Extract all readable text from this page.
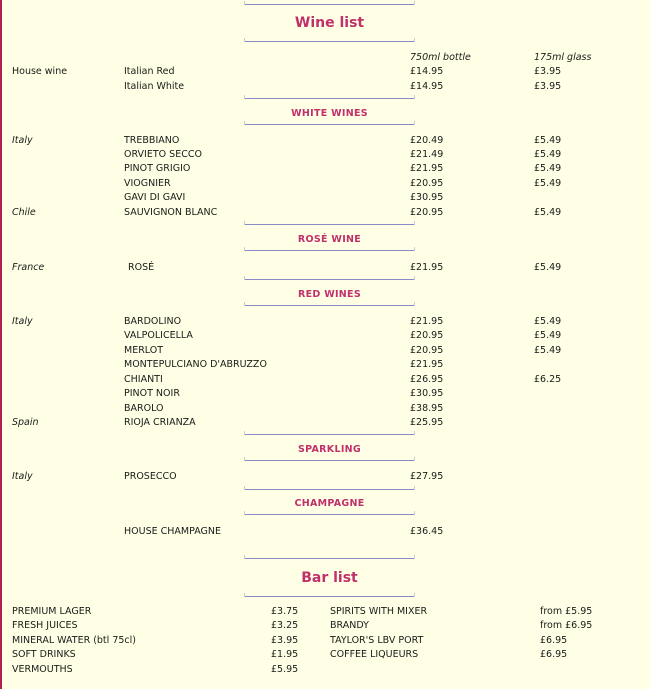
Wine list
750ml bottle	175ml glass
House wine	Italian Red	£14.95	£3.95
Italian White	£14.95	£3.95
WHITE WINES
Italy	TREBBIANO	£20.49	£5.49
ORVIETO SECCO	£21.49	£5.49
PINOT GRIGIO	£21.95	£5.49
VIOGNIER	£20.95	£5.49
GAVI DI GAVI	£30.95
Chile	SAUVIGNON BLANC	£20.95	£5.49
ROSÉ WINE
France	ROSÉ	£21.95	£5.49
RED WINES
Italy	BARDOLINO	£21.95	£5.49
VALPOLICELLA	£20.95	£5.49
MERLOT	£20.95	£5.49
MONTEPULCIANO D'ABRUZZO	£21.95
CHIANTI	£26.95	£6.25
PINOT NOIR	£30.95
BAROLO	£38.95
Spain	RIOJA CRIANZA	£25.95
SPARKLING
Italy	PROSECCO	£27.95
CHAMPAGNE
HOUSE CHAMPAGNE	£36.45
Bar list
PREMIUM LAGER	£3.75	SPIRITS WITH MIXER	from £5.95
FRESH JUICES	£3.25	BRANDY	from £6.95
MINERAL WATER (btl 75cl)	£3.95	TAYLOR'S LBV PORT	£6.95
SOFT DRINKS	£1.95	COFFEE LIQUEURS	£6.95
VERMOUTHS	£5.95
